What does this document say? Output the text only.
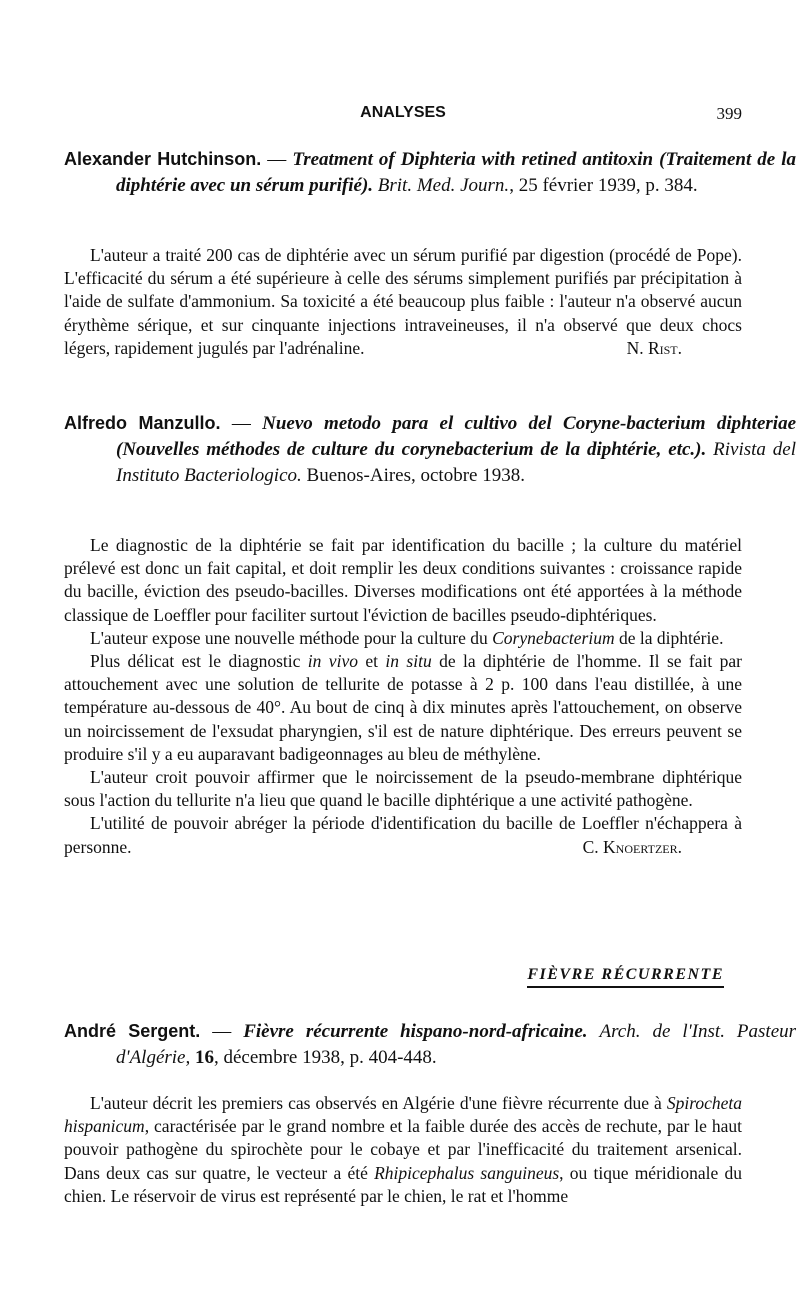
ANALYSES	399
Alexander Hutchinson. — Treatment of Diphteria with retined antitoxin (Traitement de la diphtérie avec un sérum purifié). Brit. Med. Journ., 25 février 1939, p. 384.

L'auteur a traité 200 cas de diphtérie avec un sérum purifié par digestion (procédé de Pope). L'efficacité du sérum a été supérieure à celle des sérums simplement purifiés par précipitation à l'aide de sulfate d'ammonium. Sa toxicité a été beaucoup plus faible : l'auteur n'a observé aucun érythème sérique, et sur cinquante injections intraveineuses, il n'a observé que deux chocs légers, rapidement jugulés par l'adrénaline.	N. Rist.

Alfredo Manzullo. — Nuevo metodo para el cultivo del Coryne-bacterium diphteriae (Nouvelles méthodes de culture du corynebacterium de la diphtérie, etc.). Rivista del Instituto Bacteriologico. Buenos-Aires, octobre 1938.

Le diagnostic de la diphtérie se fait par identification du bacille ; la culture du matériel prélevé est donc un fait capital, et doit remplir les deux conditions suivantes : croissance rapide du bacille, éviction des pseudo-bacilles. Diverses modifications ont été apportées à la méthode classique de Loeffler pour faciliter surtout l'éviction de bacilles pseudo-diphtériques.

L'auteur expose une nouvelle méthode pour la culture du Corynebacterium de la diphtérie.

Plus délicat est le diagnostic in vivo et in situ de la diphtérie de l'homme. Il se fait par attouchement avec une solution de tellurite de potasse à 2 p. 100 dans l'eau distillée, à une température au-dessous de 40°. Au bout de cinq à dix minutes après l'attouchement, on observe un noircissement de l'exsudat pharyngien, s'il est de nature diphtérique. Des erreurs peuvent se produire s'il y a eu auparavant badigeonnages au bleu de méthylène.

L'auteur croit pouvoir affirmer que le noircissement de la pseudo-membrane diphtérique sous l'action du tellurite n'a lieu que quand le bacille diphtérique a une activité pathogène.

L'utilité de pouvoir abréger la période d'identification du bacille de Loeffler n'échappera à personne.	C. Knoertzer.

FIÈVRE RÉCURRENTE
André Sergent. — Fièvre récurrente hispano-nord-africaine. Arch. de l'Inst. Pasteur d'Algérie, 16, décembre 1938, p. 404-448.

L'auteur décrit les premiers cas observés en Algérie d'une fièvre récurrente due à Spirocheta hispanicum, caractérisée par le grand nombre et la faible durée des accès de rechute, par le haut pouvoir pathogène du spirochète pour le cobaye et par l'inefficacité du traitement arsenical. Dans deux cas sur quatre, le vecteur a été Rhipicephalus sanguineus, ou tique méridionale du chien. Le réservoir de virus est représenté par le chien, le rat et l'homme
